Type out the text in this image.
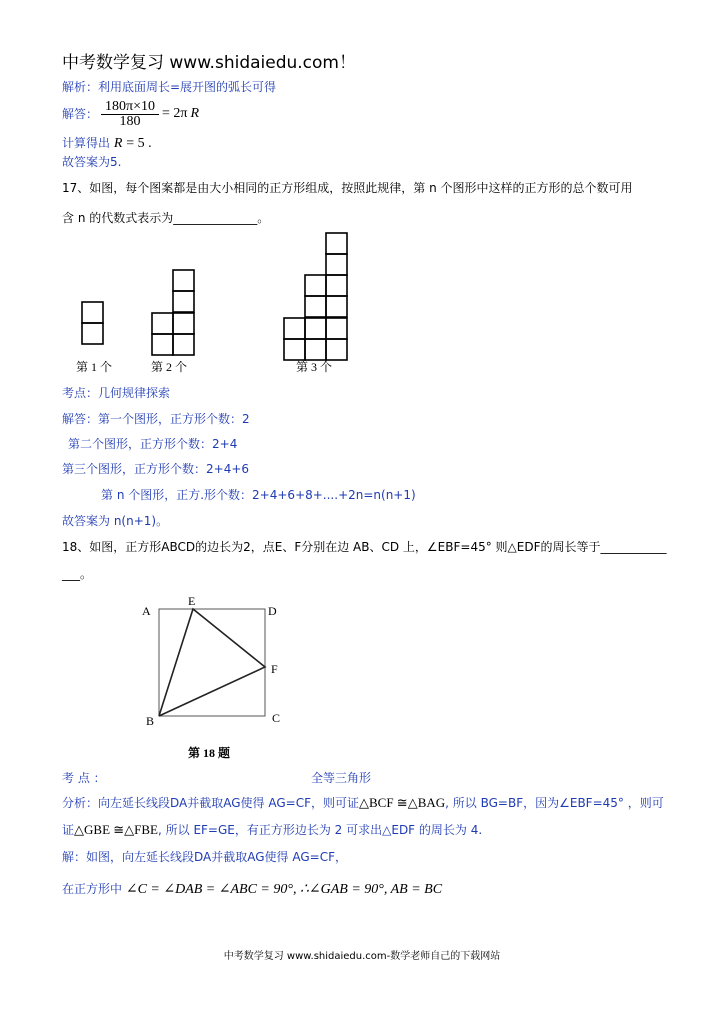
中考数学复习 www.shidaiedu.com！
解析：利用底面周长=展开图的弧长可得
解答： $\frac{180\pi\times 10}{180} = 2\pi$ R
计算得出 R = 5 .
故答案为5.
17、如图，每个图案都是由大小相同的正方形组成，按照此规律，第 n 个图形中这样的正方形的总个数可用
含 n 的代数式表示为______________。
第 1 个	第 2 个	第 3 个
考点：几何规律探索
解答：第一个图形，正方形个数：2
第二个图形，正方形个数：2+4
第三个图形，正方形个数：2+4+6
第 n 个图形，正方.形个数：2+4+6+8+....+2n=n(n+1)
故答案为 n(n+1)。
18、如图，正方形ABCD的边长为2，点E、F分别在边 AB、CD 上，∠EBF=45° 则△EDF的周长等于___________
___。
A
E
D
F
B	C
第 18 题
考 点 ：	全等三角形
分析：向左延长线段DA并截取AG使得 AG=CF，则可证△BCF ≅△BAG, 所以 BG=BF，因为∠EBF=45° ，则可
证△GBE ≅△FBE, 所以 EF=GE，有正方形边长为 2 可求出△EDF 的周长为 4.
解：如图，向左延长线段DA并截取AG使得 AG=CF，
在正方形中 ∠C = ∠DAB = ∠ABC = 90°, ∴∠GAB = 90°, AB = BC
中考数学复习 www.shidaiedu.com-数学老师自己的下载网站
